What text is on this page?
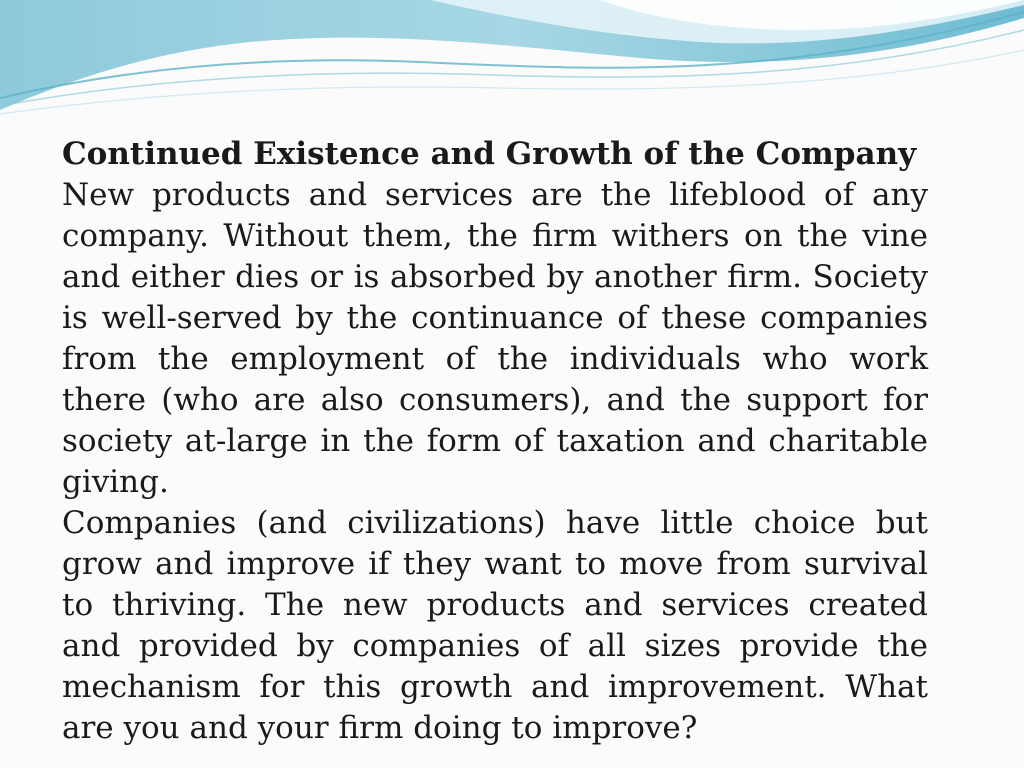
Continued Existence and Growth of the Company

New products and services are the lifeblood of any company. Without them, the firm withers on the vine and either dies or is absorbed by another firm. Society is well-served by the continuance of these companies from the employment of the individuals who work there (who are also consumers), and the support for society at-large in the form of taxation and charitable giving.

Companies (and civilizations) have little choice but grow and improve if they want to move from survival to thriving. The new products and services created and provided by companies of all sizes provide the mechanism for this growth and improvement. What are you and your firm doing to improve?
